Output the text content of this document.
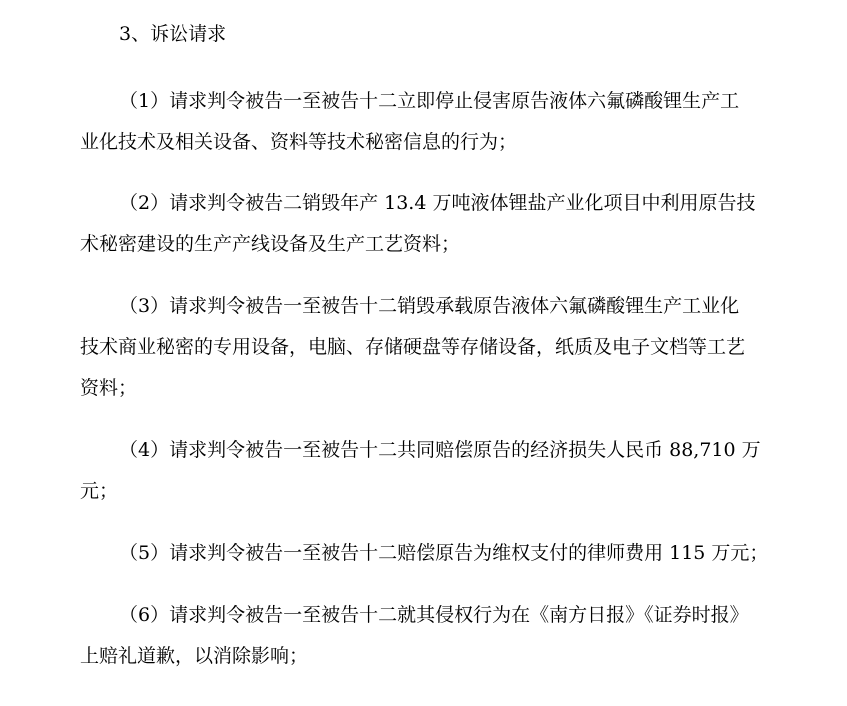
3、诉讼请求
（1）请求判令被告一至被告十二立即停止侵害原告液体六氟磷酸锂生产工
业化技术及相关设备、资料等技术秘密信息的行为；
（2）请求判令被告二销毁年产 13.4 万吨液体锂盐产业化项目中利用原告技
术秘密建设的生产产线设备及生产工艺资料；
（3）请求判令被告一至被告十二销毁承载原告液体六氟磷酸锂生产工业化
技术商业秘密的专用设备，电脑、存储硬盘等存储设备，纸质及电子文档等工艺
资料；
（4）请求判令被告一至被告十二共同赔偿原告的经济损失人民币 88,710 万
元；
（5）请求判令被告一至被告十二赔偿原告为维权支付的律师费用 115 万元；
（6）请求判令被告一至被告十二就其侵权行为在《南方日报》《证券时报》
上赔礼道歉，以消除影响；
